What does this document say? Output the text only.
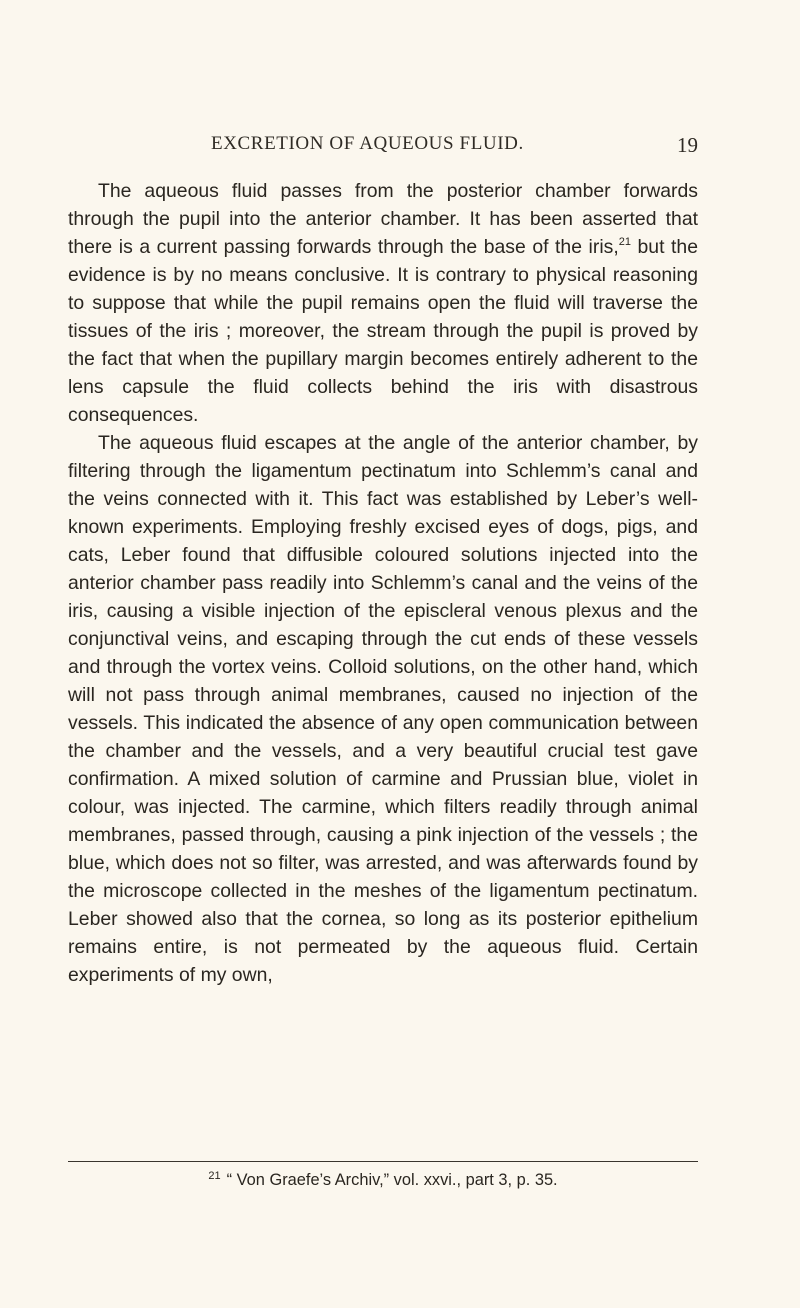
EXCRETION OF AQUEOUS FLUID.	19

The aqueous fluid passes from the posterior chamber forwards through the pupil into the anterior chamber. It has been asserted that there is a current passing forwards through the base of the iris,$^{21}$ but the evidence is by no means conclusive. It is contrary to physical reasoning to suppose that while the pupil remains open the fluid will traverse the tissues of the iris ; moreover, the stream through the pupil is proved by the fact that when the pupillary margin becomes entirely adherent to the lens capsule the fluid collects behind the iris with disastrous consequences.

The aqueous fluid escapes at the angle of the anterior chamber, by filtering through the ligamentum pectinatum into Schlemm’s canal and the veins connected with it. This fact was established by Leber’s well-known experiments. Employing freshly excised eyes of dogs, pigs, and cats, Leber found that diffusible coloured solutions injected into the anterior chamber pass readily into Schlemm’s canal and the veins of the iris, causing a visible injection of the episcleral venous plexus and the conjunctival veins, and escaping through the cut ends of these vessels and through the vortex veins. Colloid solutions, on the other hand, which will not pass through animal membranes, caused no injection of the vessels. This indicated the absence of any open communication between the chamber and the vessels, and a very beautiful crucial test gave confirmation. A mixed solution of carmine and Prussian blue, violet in colour, was injected. The carmine, which filters readily through animal membranes, passed through, causing a pink injection of the vessels ; the blue, which does not so filter, was arrested, and was afterwards found by the microscope collected in the meshes of the ligamentum pectinatum. Leber showed also that the cornea, so long as its posterior epithelium remains entire, is not permeated by the aqueous fluid. Certain experiments of my own,

$^{21}$ “ Von Graefe’s Archiv,” vol. xxvi., part 3, p. 35.
